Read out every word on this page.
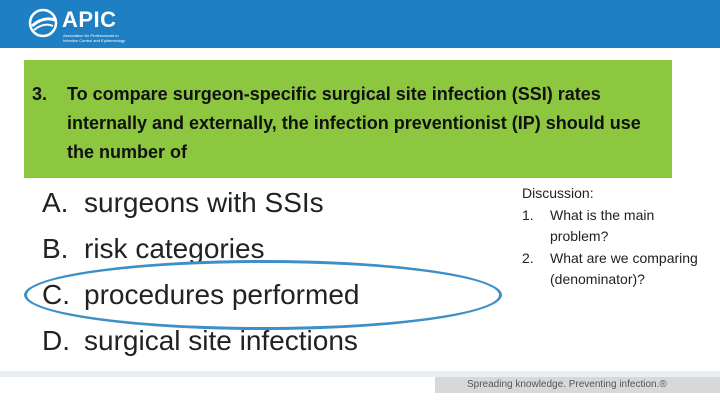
APIC
Association for Professionals in Infection Control and Epidemiology
3. To compare surgeon-specific surgical site infection (SSI) rates internally and externally, the infection preventionist (IP) should use the number of
A. surgeons with SSIs
B. risk categories
C. procedures performed
D. surgical site infections
Discussion:
1.	What is the main problem?
2.	What are we comparing (denominator)?
Spreading knowledge. Preventing infection.®
